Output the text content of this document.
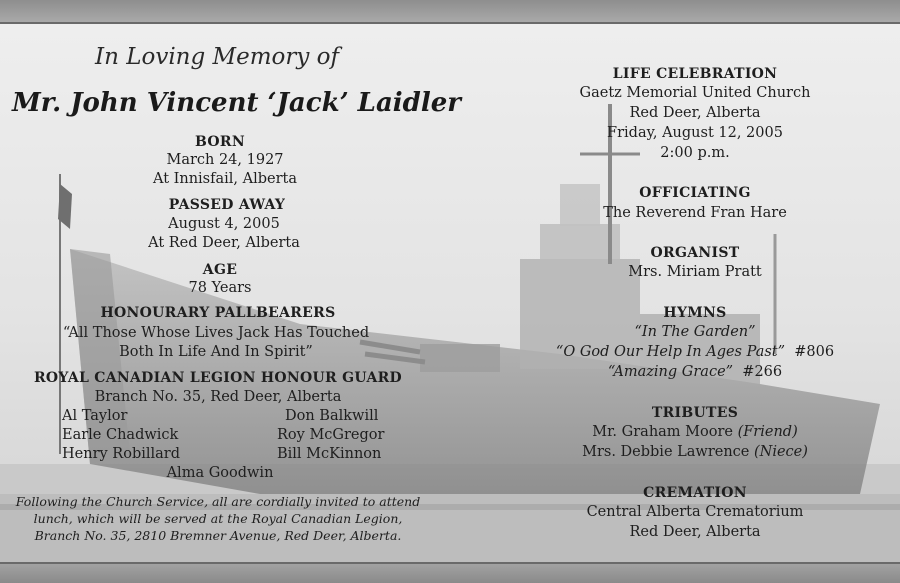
In Loving Memory of
Mr. John Vincent ‘Jack’ Laidler
BORN
March 24, 1927
At Innisfail, Alberta
PASSED AWAY
August 4, 2005
At Red Deer, Alberta
AGE
78 Years
HONOURARY PALLBEARERS
“All Those Whose Lives Jack Has Touched
Both In Life And In Spirit”
ROYAL CANADIAN LEGION HONOUR GUARD
Branch No. 35, Red Deer, Alberta
Al Taylor
Earle Chadwick
Henry Robillard
Don Balkwill
Roy McGregor
Bill McKinnon
Alma Goodwin
Following the Church Service, all are cordially invited to attend
lunch, which will be served at the Royal Canadian Legion,
Branch No. 35, 2810 Bremner Avenue, Red Deer, Alberta.
LIFE CELEBRATION
Gaetz Memorial United Church
Red Deer, Alberta
Friday, August 12, 2005
2:00 p.m.
OFFICIATING
The Reverend Fran Hare
ORGANIST
Mrs. Miriam Pratt
HYMNS
“In The Garden”
“O God Our Help In Ages Past” #806
“Amazing Grace” #266
TRIBUTES
Mr. Graham Moore (Friend)
Mrs. Debbie Lawrence (Niece)
CREMATION
Central Alberta Crematorium
Red Deer, Alberta
